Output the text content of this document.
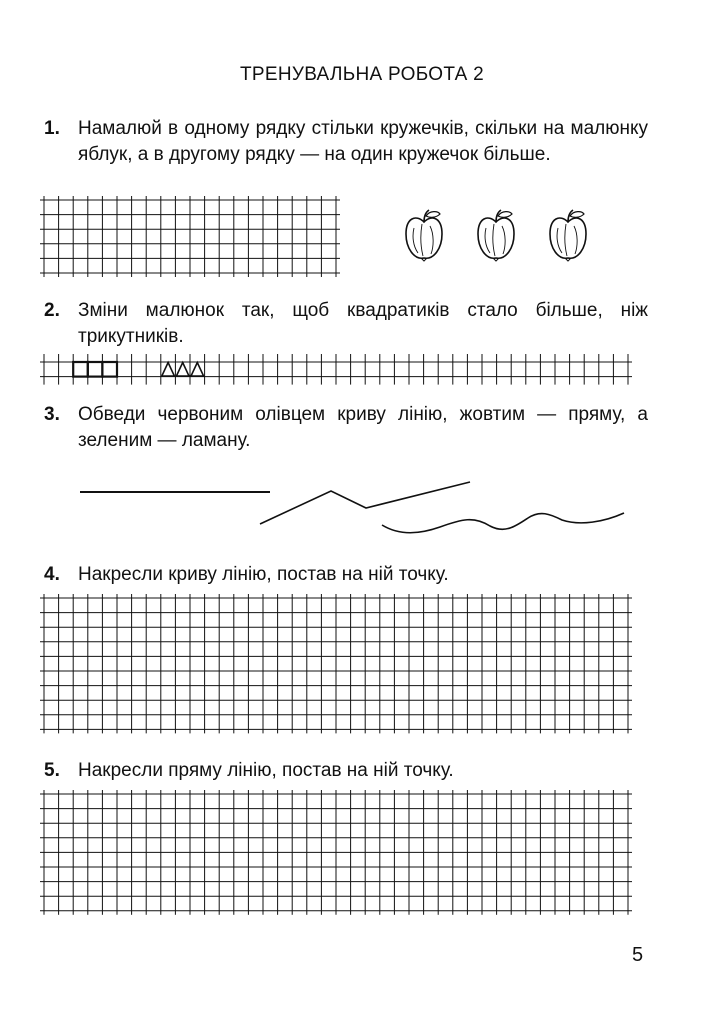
ТРЕНУВАЛЬНА РОБОТА 2
1. Намалюй в одному рядку стільки кружечків, скільки на малюнку яблук, а в другому рядку — на один кружечок більше.
2. Зміни малюнок так, щоб квадратиків стало більше, ніж трикутників.
3. Обведи червоним олівцем криву лінію, жовтим — пряму, а зеленим — ламану.
4. Накресли криву лінію, постав на ній точку.
5. Накресли пряму лінію, постав на ній точку.
5
